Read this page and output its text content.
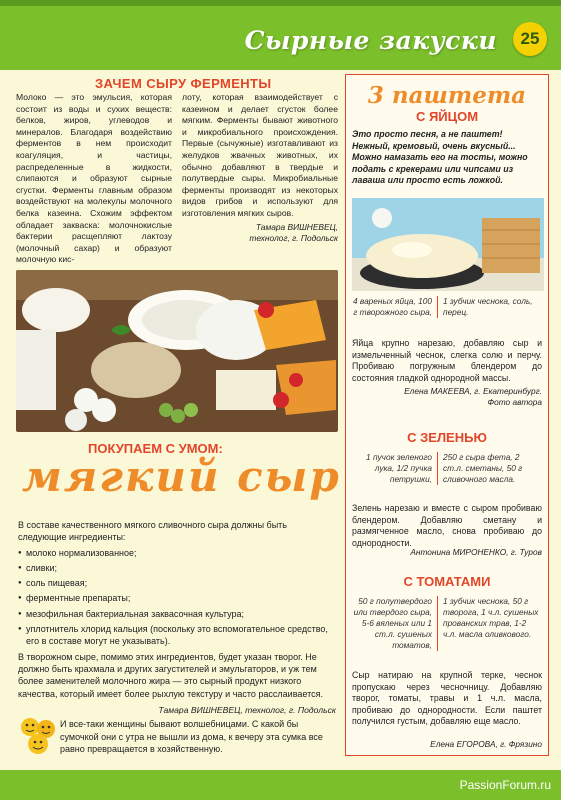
Сырные закуски	25
ЗАЧЕМ СЫРУ ФЕРМЕНТЫ

Молоко — это эмульсия, которая состоит из воды и сухих веществ: белков, жиров, углеводов и минералов. Благодаря воздействию ферментов в нем происходит коагуляция, и частицы, распределенные в жидкости, слипаются и образуют сырные сгустки. Ферменты главным образом воздействуют на молекулы молочного белка казеина. Схожим эффектом обладает закваска: молочнокислые бактерии расщепляют лактозу (молочный сахар) и образуют молочную кис-

лоту, которая взаимодействует с казеином и делает сгусток более мягким. Ферменты бывают животного и микробиального происхождения. Первые (сычужные) изготавливают из желудков жвачных животных, их обычно добавляют в твердые и полутвердые сыры. Микробиальные ферменты производят из некоторых видов грибов и используют для изготовления мягких сыров.

Тамара ВИШНЕВЕЦ,
технолог, г. Подольск

ПОКУПАЕМ С УМОМ:
мягкий сыр

В составе качественного мягкого сливочного сыра должны быть следующие ингредиенты:

● молоко нормализованное;
● сливки;
● соль пищевая;
● ферментные препараты;
● мезофильная бактериальная заквасочная культура;
● уплотнитель хлорид кальция (поскольку это вспомогательное средство, его в составе могут не указывать).

В творожном сыре, помимо этих ингредиентов, будет указан творог. Не должно быть крахмала и других загустителей и эмульгаторов, и уж тем более заменителей молочного жира — это сырный продукт низкого качества, который имеет более рыхлую текстуру и часто расслаивается.

Тамара ВИШНЕВЕЦ, технолог, г. Подольск

И все-таки женщины бывают волшебницами. С какой бы сумочкой они с утра не вышли из дома, к вечеру эта сумка все равно превращается в хозяйственную.
3 паштета
С ЯЙЦОМ
Это просто песня, а не паштет! Нежный, кремовый, очень вкусный... Можно намазать его на тосты, можно подать с крекерами или чипсами из лаваша или просто есть ложкой.
4 вареных яйца, 100 г творожного сыра,
1 зубчик чеснока, соль, перец.
Яйца крупно нарезаю, добавляю сыр и измельченный чеснок, слегка солю и перчу. Пробиваю погружным блендером до состояния гладкой однородной массы.
Елена МАКЕЕВА, г. Екатеринбург.
Фото автора
С ЗЕЛЕНЬЮ
1 пучок зеленого лука, 1/2 пучка петрушки,
250 г сыра фета, 2 ст.л. сметаны, 50 г сливочного масла.
Зелень нарезаю и вместе с сыром пробиваю блендером. Добавляю сметану и размягченное масло, снова пробиваю до однородности.
Антонина МИРОНЕНКО, г. Туров
С ТОМАТАМИ
50 г полутвердого или твердого сыра, 5-6 вяленых или 1 ст.л. сушеных томатов,
1 зубчик чеснока, 50 г творога, 1 ч.л. сушеных прованских трав, 1-2 ч.л. масла оливкового.
Сыр натираю на крупной терке, чеснок пропускаю через чесночницу. Добавляю творог, томаты, травы и 1 ч.л. масла, пробиваю до однородности. Если паштет получился густым, добавляю еще масло.
Елена ЕГОРОВА, г. Фрязино
PassionForum.ru
